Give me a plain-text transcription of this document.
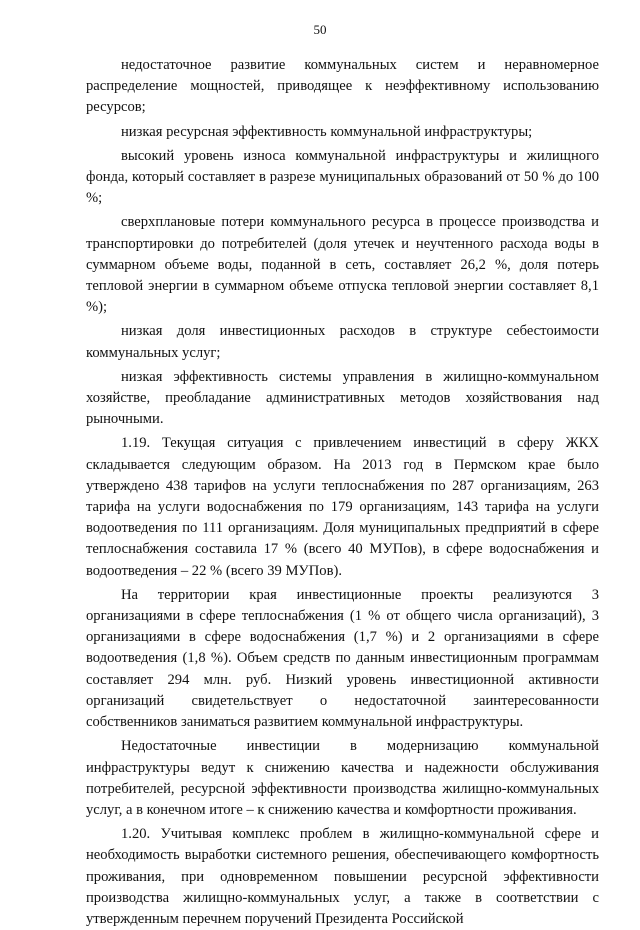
50

недостаточное развитие коммунальных систем и неравномерное распределение мощностей, приводящее к неэффективному использованию ресурсов;

низкая ресурсная эффективность коммунальной инфраструктуры;

высокий уровень износа коммунальной инфраструктуры и жилищного фонда, который составляет в разрезе муниципальных образований от 50 % до 100 %;

сверхплановые потери коммунального ресурса в процессе производства и транспортировки до потребителей (доля утечек и неучтенного расхода воды в суммарном объеме воды, поданной в сеть, составляет 26,2 %, доля потерь тепловой энергии в суммарном объеме отпуска тепловой энергии составляет 8,1 %);

низкая доля инвестиционных расходов в структуре себестоимости коммунальных услуг;

низкая эффективность системы управления в жилищно-коммунальном хозяйстве, преобладание административных методов хозяйствования над рыночными.

1.19. Текущая ситуация с привлечением инвестиций в сферу ЖКХ складывается следующим образом. На 2013 год в Пермском крае было утверждено 438 тарифов на услуги теплоснабжения по 287 организациям, 263 тарифа на услуги водоснабжения по 179 организациям, 143 тарифа на услуги водоотведения по 111 организациям. Доля муниципальных предприятий в сфере теплоснабжения составила 17 % (всего 40 МУПов), в сфере водоснабжения и водоотведения – 22 % (всего 39 МУПов).

На территории края инвестиционные проекты реализуются 3 организациями в сфере теплоснабжения (1 % от общего числа организаций), 3 организациями в сфере водоснабжения (1,7 %) и 2 организациями в сфере водоотведения (1,8 %). Объем средств по данным инвестиционным программам составляет 294 млн. руб. Низкий уровень инвестиционной активности организаций свидетельствует о недостаточной заинтересованности собственников заниматься развитием коммунальной инфраструктуры.

Недостаточные инвестиции в модернизацию коммунальной инфраструктуры ведут к снижению качества и надежности обслуживания потребителей, ресурсной эффективности производства жилищно-коммунальных услуг, а в конечном итоге – к снижению качества и комфортности проживания.

1.20. Учитывая комплекс проблем в жилищно-коммунальной сфере и необходимость выработки системного решения, обеспечивающего комфортность проживания, при одновременном повышении ресурсной эффективности производства жилищно-коммунальных услуг, а также в соответствии с утвержденным перечнем поручений Президента Российской
